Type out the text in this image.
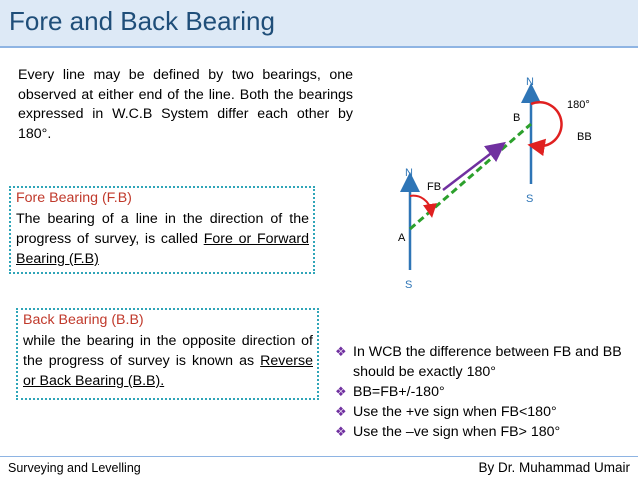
Fore and Back Bearing
Every line may be defined by two bearings, one observed at either end of the line. Both the bearings expressed in W.C.B System differ each other by 180°.
Fore Bearing (F.B)
The bearing of a line in the direction of the progress of survey, is called Fore or Forward Bearing (F.B)
Back Bearing (B.B)
while the bearing in the opposite direction of the progress of survey is known as Reverse or Back Bearing (B.B).
N
S
A
FB
N
S
B
180°
BB
❖ In WCB the difference between FB and BB should be exactly 180°
❖ BB=FB+/-180°
❖ Use the +ve sign when FB<180°
❖ Use the –ve sign when FB> 180°
Surveying and Levelling	By Dr. Muhammad Umair
